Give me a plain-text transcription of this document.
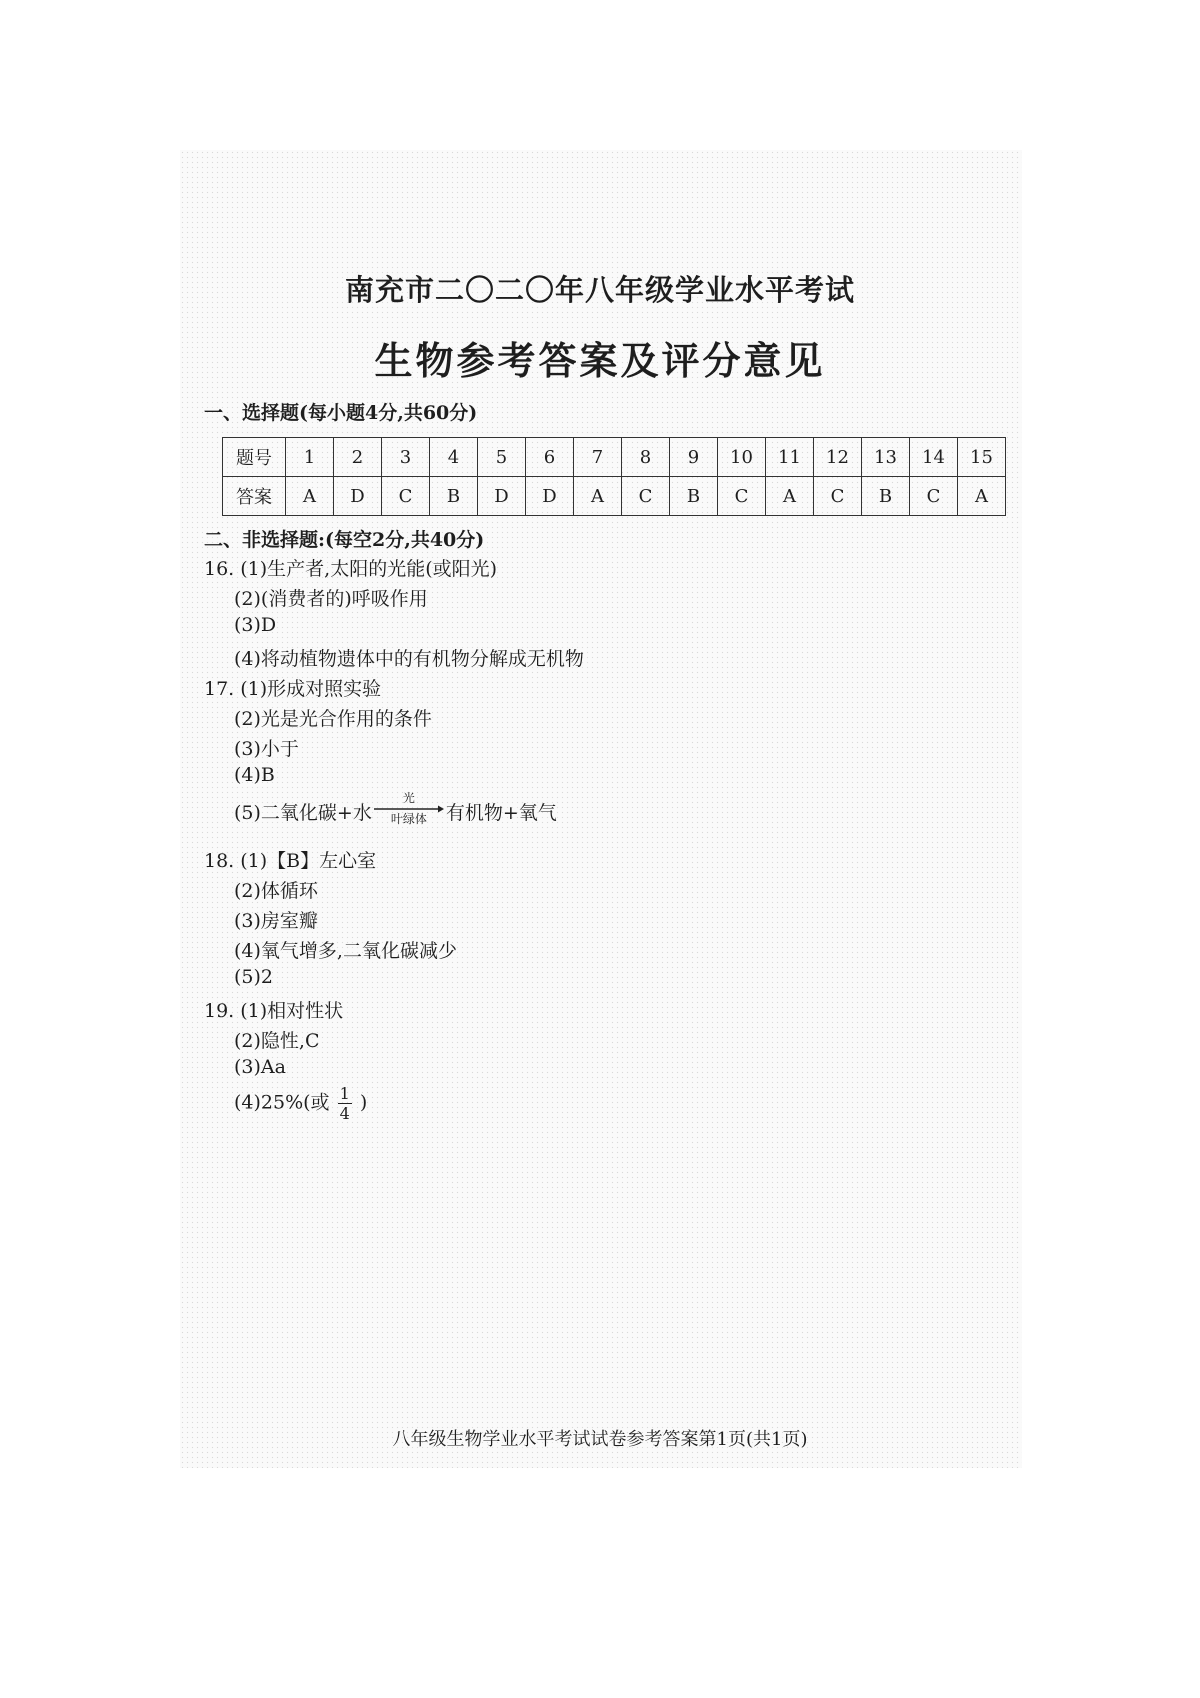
南充市二〇二〇年八年级学业水平考试
生物参考答案及评分意见
一、选择题(每小题4分,共60分)
题号	1	2	3	4	5	6	7	8	9	10	11	12	13	14	15
答案	A	D	C	B	D	D	A	C	B	C	A	C	B	C	A
二、非选择题:(每空2分,共40分)
16. (1)生产者,太阳的光能(或阳光)
(2)(消费者的)呼吸作用
(3)D
(4)将动植物遗体中的有机物分解成无机物
17. (1)形成对照实验
(2)光是光合作用的条件
(3)小于
(4)B
(5)二氧化碳+水
光
叶绿体 有机物+氧气
18. (1)【B】左心室
(2)体循环
(3)房室瓣
(4)氧气增多,二氧化碳减少
(5)2
19. (1)相对性状
(2)隐性,C
(3)Aa
(4)25%(或 $\frac{1}{4}$ )
八年级生物学业水平考试试卷参考答案第1页(共1页)
